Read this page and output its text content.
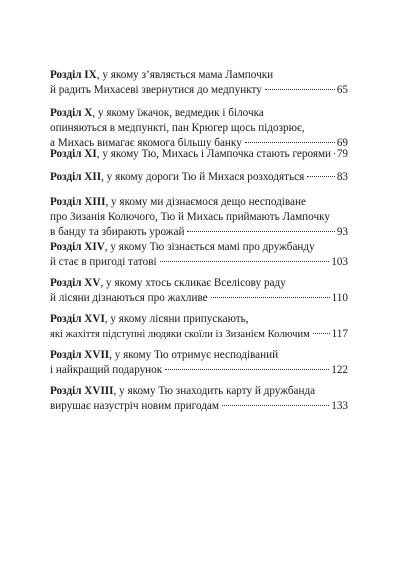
Розділ IX, у якому з’являється мама Лампочки
й радить Михасеві звернутися до медпункту	65
Розділ X, у якому їжачок, ведмедик і білочка
опиняються в медпункті, пан Крюгер щось підозрює,
а Михась вимагає якомога більшу банку	69
Розділ XI, у якому Тю, Михась і Лампочка стають героями 79
Розділ XII, у якому дороги Тю й Михася розходяться	83
Розділ XIII, у якому ми дізнаємося дещо несподіване
про Зизанія Колючого, Тю й Михась приймають Лампочку
в банду та збирають урожай	93
Розділ XIV, у якому Тю зізнається мамі про дружбанду
й стає в пригоді татові	103
Розділ XV, у якому хтось скликає Вселісову раду
й лісяни дізнаються про жахливе	110
Розділ XVI, у якому лісяни припускають,
які жахіття підступні людяки скоїли із Зизанієм Колючим 117
Розділ XVII, у якому Тю отримує несподіваний
і найкращий подарунок	122
Розділ XVIII, у якому Тю знаходить карту й дружбанда
вирушає назустріч новим пригодам	133
